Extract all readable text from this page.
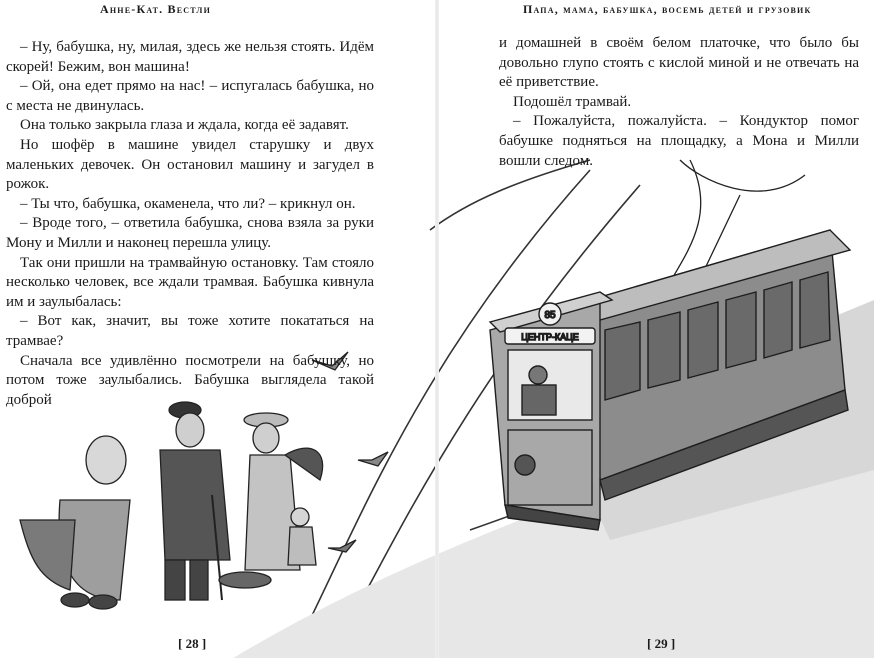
ЦЕНТР-КАЦЕ
85
Анне-Кат. Вестли

– Ну, бабушка, ну, милая, здесь же нельзя стоять. Идём скорей! Бежим, вон машина!

– Ой, она едет прямо на нас! – испугалась бабушка, но с места не двинулась.

Она только закрыла глаза и ждала, когда её задавят.

Но шофёр в машине увидел старушку и двух маленьких девочек. Он остановил машину и загудел в рожок.

– Ты что, бабушка, окаменела, что ли? – крикнул он.

– Вроде того, – ответила бабушка, снова взяла за руки Мону и Милли и наконец перешла улицу.

Так они пришли на трамвайную остановку. Там стояло несколько человек, все ждали трамвая. Бабушка кивнула им и заулыбалась:

– Вот как, значит, вы тоже хотите покататься на трамвае?

Сначала все удивлённо посмотрели на бабушку, но потом тоже заулыбались. Бабушка выглядела такой доброй

[ 28 ]
Папа, мама, бабушка, восемь детей и грузовик

и домашней в своём белом платочке, что было бы довольно глупо стоять с кислой миной и не отвечать на её приветствие.

Подошёл трамвай.

– Пожалуйста, пожалуйста. – Кондуктор помог бабушке подняться на площадку, а Мона и Милли вошли следом.

[ 29 ]
